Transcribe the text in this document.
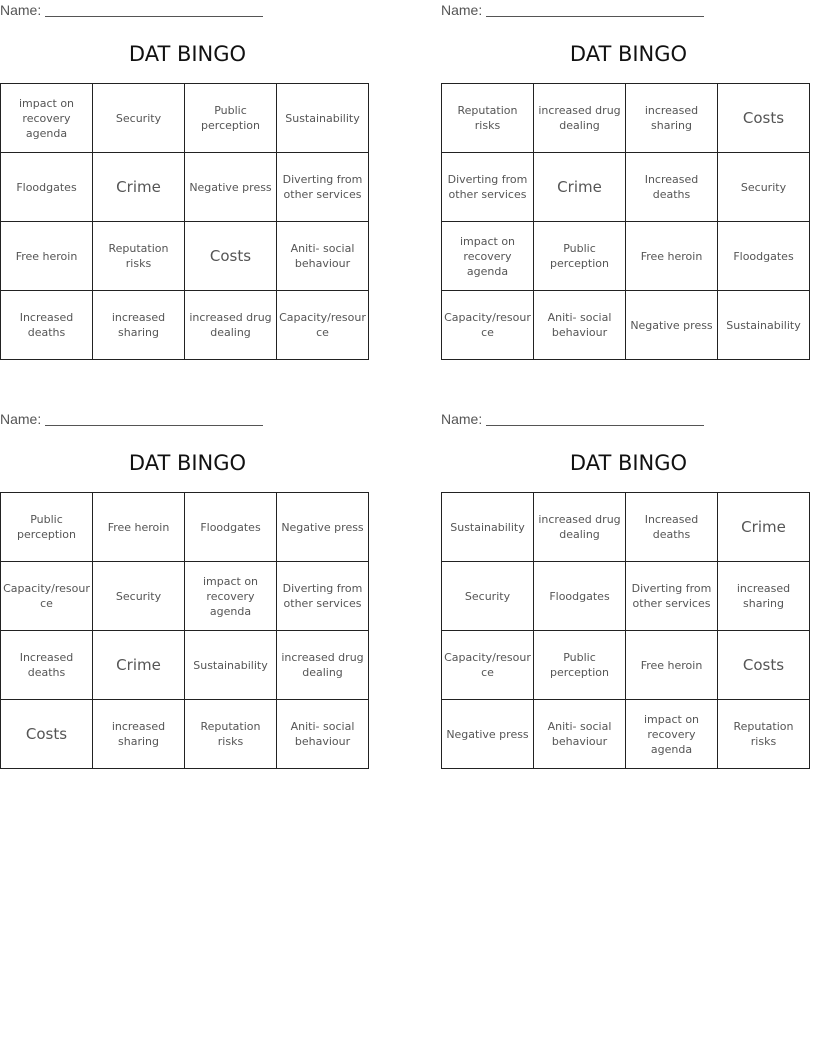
Name:
DAT BINGO
impact on recovery agenda	Security	Public perception	Sustainability
Floodgates	Crime	Negative press	Diverting from other services
Free heroin	Reputation risks	Costs	Aniti- social behaviour
Increased deaths	increased sharing	increased drug dealing	Capacity/resource
Name:
DAT BINGO
Reputation risks	increased drug dealing	increased sharing	Costs
Diverting from other services	Crime	Increased deaths	Security
impact on recovery agenda	Public perception	Free heroin	Floodgates
Capacity/resource	Aniti- social behaviour	Negative press	Sustainability
Name:
DAT BINGO
Public perception	Free heroin	Floodgates	Negative press
Capacity/resource	Security	impact on recovery agenda	Diverting from other services
Increased deaths	Crime	Sustainability	increased drug dealing
Costs	increased sharing	Reputation risks	Aniti- social behaviour
Name:
DAT BINGO
Sustainability	increased drug dealing	Increased deaths	Crime
Security	Floodgates	Diverting from other services	increased sharing
Capacity/resource	Public perception	Free heroin	Costs
Negative press	Aniti- social behaviour	impact on recovery agenda	Reputation risks
